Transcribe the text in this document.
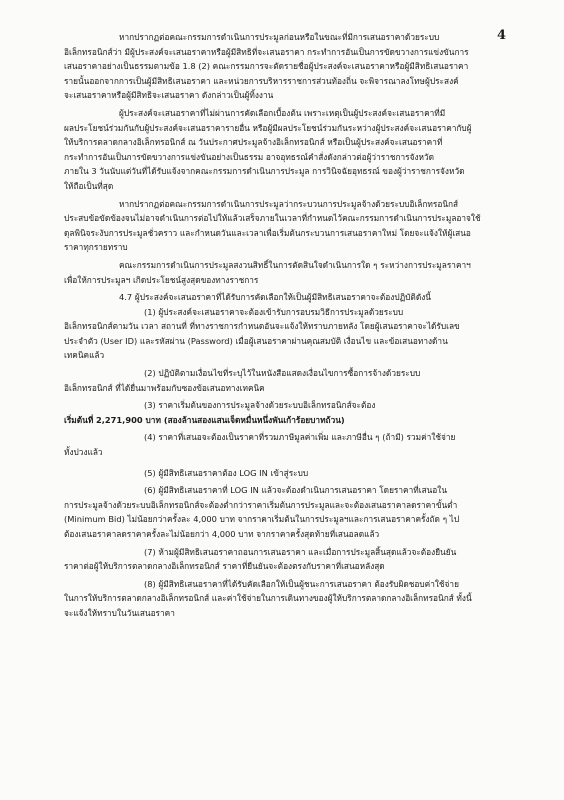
4

หากปรากฏต่อคณะกรรมการดำเนินการประมูลก่อนหรือในขณะที่มีการเสนอราคาด้วยระบบ

อิเล็กทรอนิกส์ว่า มีผู้ประสงค์จะเสนอราคาหรือผู้มีสิทธิที่จะเสนอราคา กระทำการอันเป็นการขัดขวางการแข่งขันการ

เสนอราคาอย่างเป็นธรรมตามข้อ 1.8 (2) คณะกรรมการจะตัดรายชื่อผู้ประสงค์จะเสนอราคาหรือผู้มีสิทธิเสนอราคา

รายนั้นออกจากการเป็นผู้มีสิทธิเสนอราคา และหน่วยการบริหารราชการส่วนท้องถิ่น จะพิจารณาลงโทษผู้ประสงค์

จะเสนอราคาหรือผู้มีสิทธิจะเสนอราคา ดังกล่าวเป็นผู้ทิ้งงาน

ผู้ประสงค์จะเสนอราคาที่ไม่ผ่านการคัดเลือกเบื้องต้น เพราะเหตุเป็นผู้ประสงค์จะเสนอราคาที่มี

ผลประโยชน์ร่วมกันกับผู้ประสงค์จะเสนอราคารายอื่น หรือผู้มีผลประโยชน์ร่วมกันระหว่างผู้ประสงค์จะเสนอราคากับผู้

ให้บริการตลาดกลางอิเล็กทรอนิกส์ ณ วันประกาศประมูลจ้างอิเล็กทรอนิกส์ หรือเป็นผู้ประสงค์จะเสนอราคาที่

กระทำการอันเป็นการขัดขวางการแข่งขันอย่างเป็นธรรม อาจอุทธรณ์คำสั่งดังกล่าวต่อผู้ว่าราชการจังหวัด

ภายใน 3 วันนับแต่วันที่ได้รับแจ้งจากคณะกรรมการดำเนินการประมูล การวินิจฉัยอุทธรณ์ ของผู้ว่าราชการจังหวัด

ให้ถือเป็นที่สุด

หากปรากฏต่อคณะกรรมการดำเนินการประมูลว่ากระบวนการประมูลจ้างด้วยระบบอิเล็กทรอนิกส์

ประสบข้อขัดข้องจนไม่อาจดำเนินการต่อไปให้แล้วเสร็จภายในเวลาที่กำหนดไว้คณะกรรมการดำเนินการประมูลอาจใช้

ดุลพินิจระงับการประมูลชั่วคราว และกำหนดวันและเวลาเพื่อเริ่มต้นกระบวนการเสนอราคาใหม่ โดยจะแจ้งให้ผู้เสนอ

ราคาทุกรายทราบ

คณะกรรมการดำเนินการประมูลสงวนสิทธิ์ในการตัดสินใจดำเนินการใด ๆ ระหว่างการประมูลราคาฯ

เพื่อให้การประมูลฯ เกิดประโยชน์สูงสุดของทางราชการ

4.7 ผู้ประสงค์จะเสนอราคาที่ได้รับการคัดเลือกให้เป็นผู้มีสิทธิเสนอราคาจะต้องปฏิบัติดังนี้

(1) ผู้ประสงค์จะเสนอราคาจะต้องเข้ารับการอบรมวิธีการประมูลด้วยระบบ

อิเล็กทรอนิกส์ตามวัน เวลา สถานที่ ที่ทางราชการกำหนดอันจะแจ้งให้ทราบภายหลัง โดยผู้เสนอราคาจะได้รับเลข

ประจำตัว (User ID) และรหัสผ่าน (Password) เมื่อผู้เสนอราคาผ่านคุณสมบัติ เงื่อนไข และข้อเสนอทางด้าน

เทคนิคแล้ว

(2) ปฏิบัติตามเงื่อนไขที่ระบุไว้ในหนังสือแสดงเงื่อนไขการซื้อการจ้างด้วยระบบ

อิเล็กทรอนิกส์ ที่ได้ยื่นมาพร้อมกับซองข้อเสนอทางเทคนิค

(3) ราคาเริ่มต้นของการประมูลจ้างด้วยระบบอิเล็กทรอนิกส์จะต้อง

เริ่มต้นที่ 2,271,900 บาท (สองล้านสองแสนเจ็ดหมื่นหนึ่งพันเก้าร้อยบาทถ้วน)

(4) ราคาที่เสนอจะต้องเป็นราคาที่รวมภาษีมูลค่าเพิ่ม และภาษีอื่น ๆ (ถ้ามี) รวมค่าใช้จ่าย

ทั้งปวงแล้ว

(5) ผู้มีสิทธิเสนอราคาต้อง LOG IN เข้าสู่ระบบ

(6) ผู้มีสิทธิเสนอราคาที่ LOG IN แล้วจะต้องดำเนินการเสนอราคา โดยราคาที่เสนอใน

การประมูลจ้างด้วยระบบอิเล็กทรอนิกส์จะต้องต่ำกว่าราคาเริ่มต้นการประมูลและจะต้องเสนอราคาลดราคาขั้นต่ำ

(Minimum Bid) ไม่น้อยกว่าครั้งละ 4,000 บาท จากราคาเริ่มต้นในการประมูลฯและการเสนอราคาครั้งถัด ๆ ไป

ต้องเสนอราคาลดราคาครั้งละไม่น้อยกว่า 4,000 บาท จากราคาครั้งสุดท้ายที่เสนอลดแล้ว

(7) ห้ามผู้มีสิทธิเสนอราคาถอนการเสนอราคา และเมื่อการประมูลสิ้นสุดแล้วจะต้องยืนยัน

ราคาต่อผู้ให้บริการตลาดกลางอิเล็กทรอนิกส์ ราคาที่ยืนยันจะต้องตรงกับราคาที่เสนอหลังสุด

(8) ผู้มีสิทธิเสนอราคาที่ได้รับคัดเลือกให้เป็นผู้ชนะการเสนอราคา ต้องรับผิดชอบค่าใช้จ่าย

ในการให้บริการตลาดกลางอิเล็กทรอนิกส์ และค่าใช้จ่ายในการเดินทางของผู้ให้บริการตลาดกลางอิเล็กทรอนิกส์ ทั้งนี้

จะแจ้งให้ทราบในวันเสนอราคา
